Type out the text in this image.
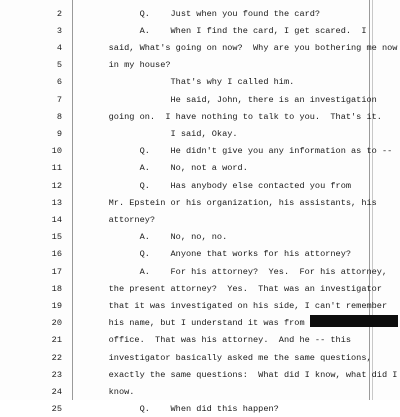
2	Q.    Just when you found the card?
3	A.    When I find the card, I get scared.  I
4	said, What's going on now?  Why are you bothering me now
5	in my house?
6	That's why I called him.
7	He said, John, there is an investigation
8	going on.  I have nothing to talk to you.  That's it.
9	I said, Okay.
10	Q.    He didn't give you any information as to --
11	A.    No, not a word.
12	Q.    Has anybody else contacted you from
13	Mr. Epstein or his organization, his assistants, his
14	attorney?
15	A.    No, no, no.
16	Q.    Anyone that works for his attorney?
17	A.    For his attorney?  Yes.  For his attorney,
18	the present attorney?  Yes.  That was an investigator
19	that it was investigated on his side, I can't remember
20	his name, but I understand it was from
21	office.  That was his attorney.  And he -- this
22	investigator basically asked me the same questions,
23	exactly the same questions:  What did I know, what did I
24	know.
25	Q.    When did this happen?
